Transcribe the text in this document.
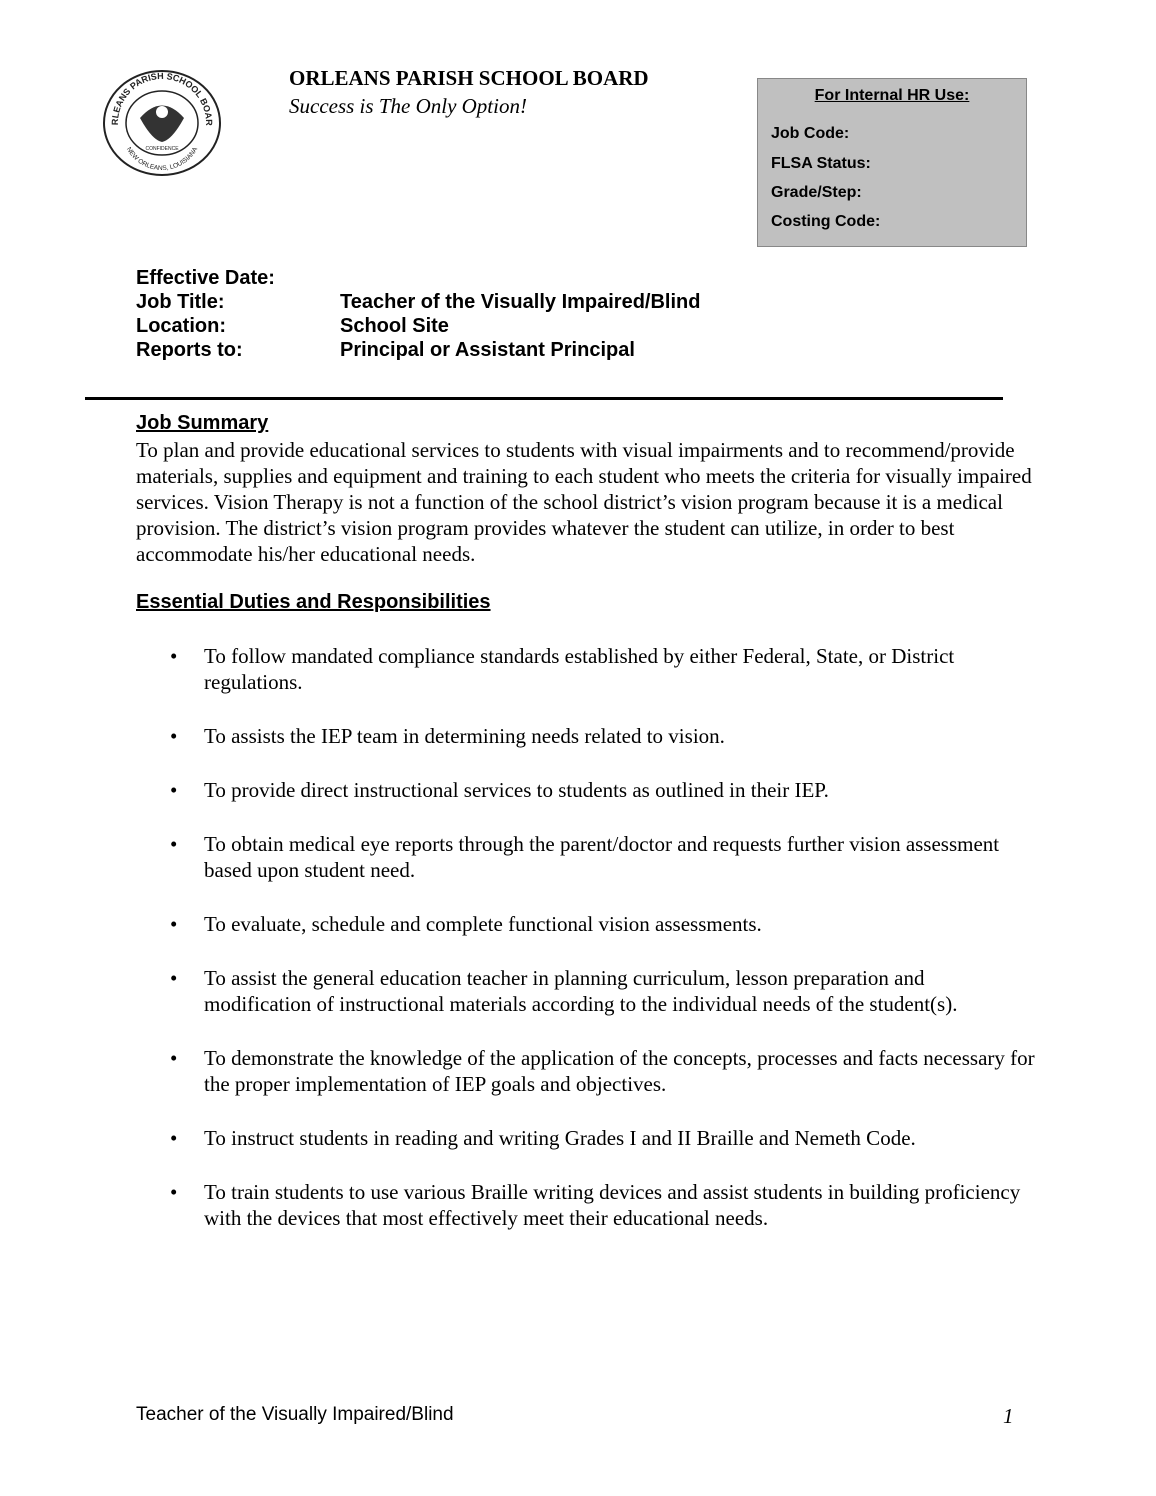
RLEANS PARISH SCHOOL BOAR
NEW ORLEANS, LOUISIANA
CONFIDENCE
ORLEANS PARISH SCHOOL BOARD
Success is The Only Option!	For Internal HR Use:
Job Code:
FLSA Status:
Grade/Step:
Costing Code:
Effective Date:
Job Title:	Teacher of the Visually Impaired/Blind
Location:	School Site
Reports to:	Principal or Assistant Principal
Job Summary
To plan and provide educational services to students with visual impairments and to recommend/provide materials, supplies and equipment and training to each student who meets the criteria for visually impaired services. Vision Therapy is not a function of the school district’s vision program because it is a medical provision. The district’s vision program provides whatever the student can utilize, in order to best accommodate his/her educational needs.
Essential Duties and Responsibilities
• To follow mandated compliance standards established by either Federal, State, or District regulations.
• To assists the IEP team in determining needs related to vision.
• To provide direct instructional services to students as outlined in their IEP.
• To obtain medical eye reports through the parent/doctor and requests further vision assessment based upon student need.
• To evaluate, schedule and complete functional vision assessments.
• To assist the general education teacher in planning curriculum, lesson preparation and modification of instructional materials according to the individual needs of the student(s).
• To demonstrate the knowledge of the application of the concepts, processes and facts necessary for the proper implementation of IEP goals and objectives.
• To instruct students in reading and writing Grades I and II Braille and Nemeth Code.
• To train students to use various Braille writing devices and assist students in building proficiency with the devices that most effectively meet their educational needs.
Teacher of the Visually Impaired/Blind	1
